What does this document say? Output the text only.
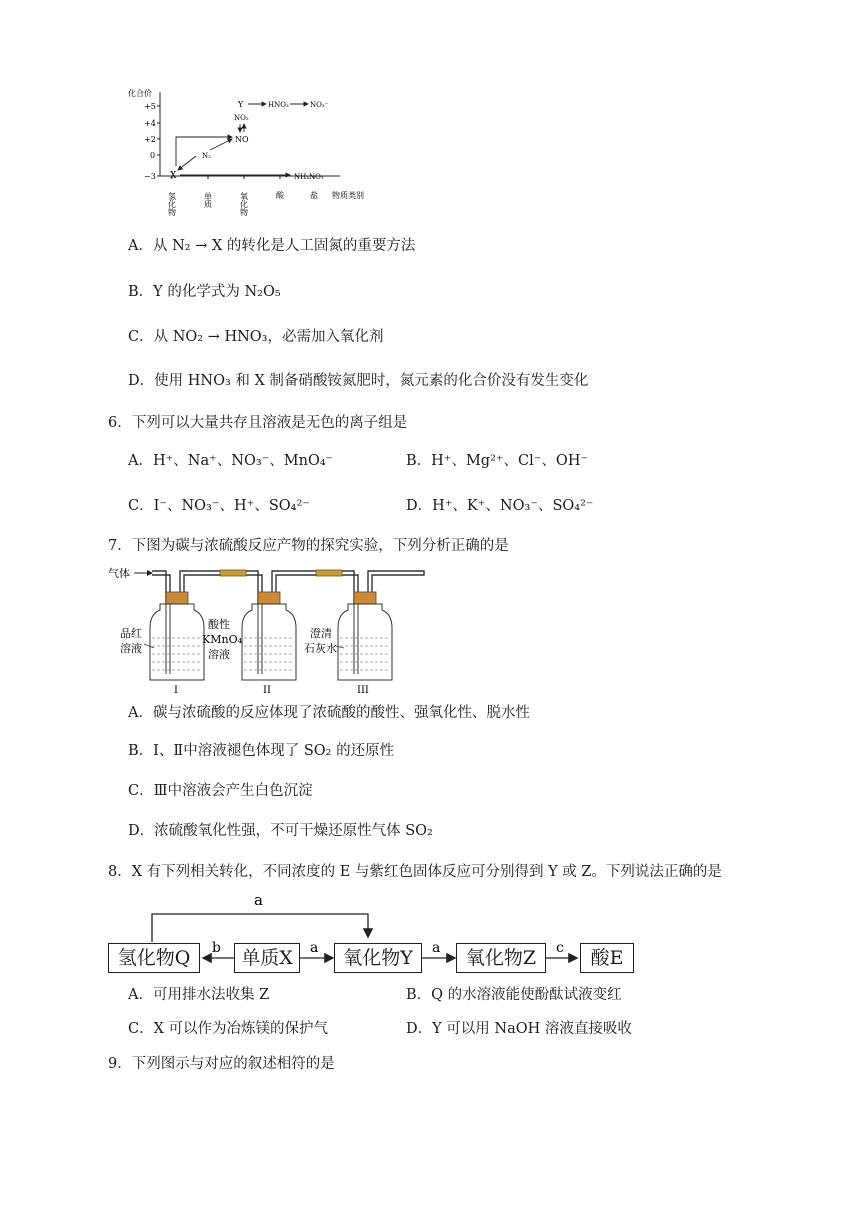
化合价
+5
+4
+2
0
−3
氢化物	单质	氧化物	酸	盐 物质类别
X
N₂
NO
NO₂
Y	HNO₃	NO₃⁻
NH₄NO₃
A．从 N₂ → X 的转化是人工固氮的重要方法
B．Y 的化学式为 N₂O₅
C．从 NO₂ → HNO₃，必需加入氧化剂
D．使用 HNO₃ 和 X 制备硝酸铵氮肥时，氮元素的化合价没有发生变化
6．下列可以大量共存且溶液是无色的离子组是
A．H⁺、Na⁺、NO₃⁻、MnO₄⁻	B．H⁺、Mg²⁺、Cl⁻、OH⁻
C．I⁻、NO₃⁻、H⁺、SO₄²⁻	D．H⁺、K⁺、NO₃⁻、SO₄²⁻
7．下图为碳与浓硫酸反应产物的探究实验，下列分析正确的是
气体
品红
溶液
酸性
KMnO₄
溶液
澄清
石灰水
I	II	III
A．碳与浓硫酸的反应体现了浓硫酸的酸性、强氧化性、脱水性
B．Ⅰ、Ⅱ中溶液褪色体现了 SO₂ 的还原性
C．Ⅲ中溶液会产生白色沉淀
D．浓硫酸氧化性强，不可干燥还原性气体 SO₂
8．X 有下列相关转化，不同浓度的 E 与紫红色固体反应可分别得到 Y 或 Z。下列说法正确的是
a
b	a	a	c
氢化物Q	单质X	氧化物Y	氧化物Z	酸E
A．可用排水法收集 Z	B．Q 的水溶液能使酚酞试液变红
C．X 可以作为冶炼镁的保护气	D．Y 可以用 NaOH 溶液直接吸收
9．下列图示与对应的叙述相符的是
